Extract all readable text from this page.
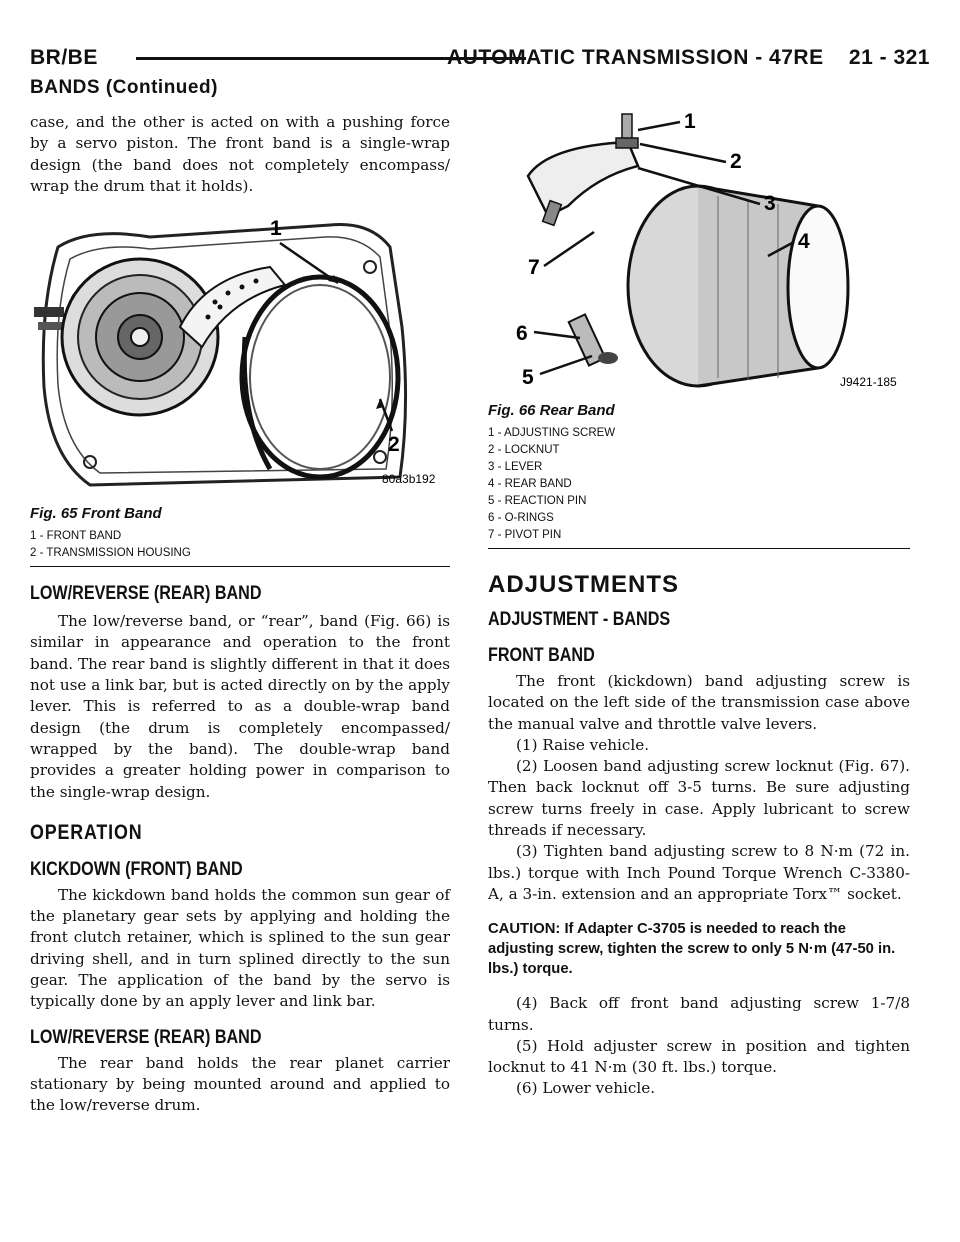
BR/BE	AUTOMATIC TRANSMISSION - 47RE    21 - 321
BANDS (Continued)

case, and the other is acted on with a pushing force by a servo piston. The front band is a single-wrap design (the band does not completely encompass/ wrap the drum that it holds).

1
2
80a3b192
Fig. 65 Front Band
1 - FRONT BAND
2 - TRANSMISSION HOUSING
LOW/REVERSE (REAR) BAND

The low/reverse band, or “rear”, band (Fig. 66) is similar in appearance and operation to the front band. The rear band is slightly different in that it does not use a link bar, but is acted directly on by the apply lever. This is referred to as a double-wrap band design (the drum is completely encompassed/ wrapped by the band). The double-wrap band provides a greater holding power in comparison to the single-wrap design.

OPERATION
KICKDOWN (FRONT) BAND

The kickdown band holds the common sun gear of the planetary gear sets by applying and holding the front clutch retainer, which is splined to the sun gear driving shell, and in turn splined directly to the sun gear. The application of the band by the servo is typically done by an apply lever and link bar.

LOW/REVERSE (REAR) BAND

The rear band holds the rear planet carrier stationary by being mounted around and applied to the low/reverse drum.

1
2
3
4
7
6
5	J9421-185
Fig. 66 Rear Band
1 - ADJUSTING SCREW
2 - LOCKNUT
3 - LEVER
4 - REAR BAND
5 - REACTION PIN
6 - O-RINGS
7 - PIVOT PIN
ADJUSTMENTS
ADJUSTMENT - BANDS
FRONT BAND

The front (kickdown) band adjusting screw is located on the left side of the transmission case above the manual valve and throttle valve levers.

(1) Raise vehicle.

(2) Loosen band adjusting screw locknut (Fig. 67). Then back locknut off 3-5 turns. Be sure adjusting screw turns freely in case. Apply lubricant to screw threads if necessary.

(3) Tighten band adjusting screw to 8 N·m (72 in. lbs.) torque with Inch Pound Torque Wrench C-3380-A, a 3-in. extension and an appropriate Torx™ socket.

CAUTION: If Adapter C-3705 is needed to reach the adjusting screw, tighten the screw to only 5 N·m (47-50 in. lbs.) torque.

(4) Back off front band adjusting screw 1-7/8 turns.

(5) Hold adjuster screw in position and tighten locknut to 41 N·m (30 ft. lbs.) torque.

(6) Lower vehicle.
